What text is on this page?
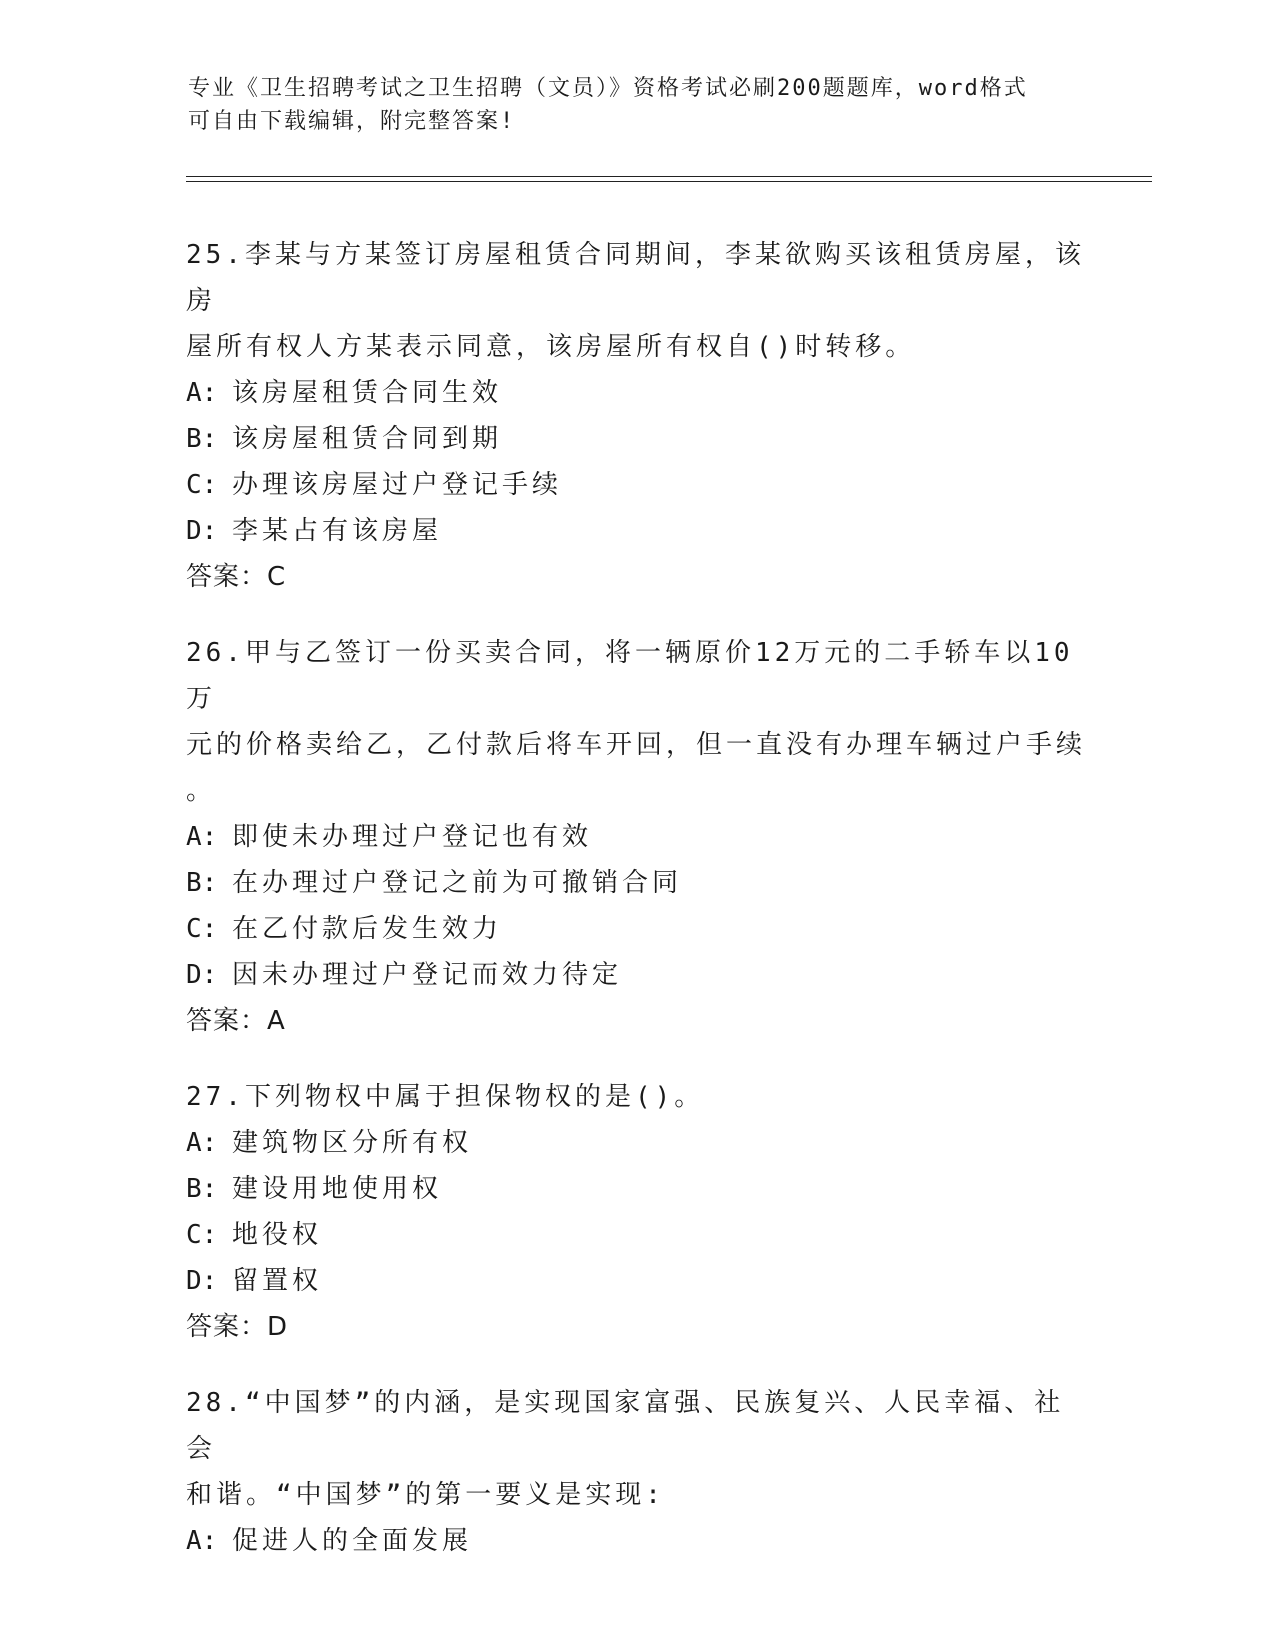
专业《卫生招聘考试之卫生招聘（文员）》资格考试必刷200题题库，word格式
可自由下载编辑，附完整答案!
25.李某与方某签订房屋租赁合同期间，李某欲购买该租赁房屋，该房
屋所有权人方某表示同意，该房屋所有权自()时转移。
A: 该房屋租赁合同生效
B: 该房屋租赁合同到期
C: 办理该房屋过户登记手续
D: 李某占有该房屋
答案：C
26.甲与乙签订一份买卖合同，将一辆原价12万元的二手轿车以10万
元的价格卖给乙，乙付款后将车开回，但一直没有办理车辆过户手续
。
A: 即使未办理过户登记也有效
B: 在办理过户登记之前为可撤销合同
C: 在乙付款后发生效力
D: 因未办理过户登记而效力待定
答案：A
27.下列物权中属于担保物权的是()。
A: 建筑物区分所有权
B: 建设用地使用权
C: 地役权
D: 留置权
答案：D
28.“中国梦”的内涵，是实现国家富强、民族复兴、人民幸福、社会
和谐。“中国梦”的第一要义是实现:
A: 促进人的全面发展
